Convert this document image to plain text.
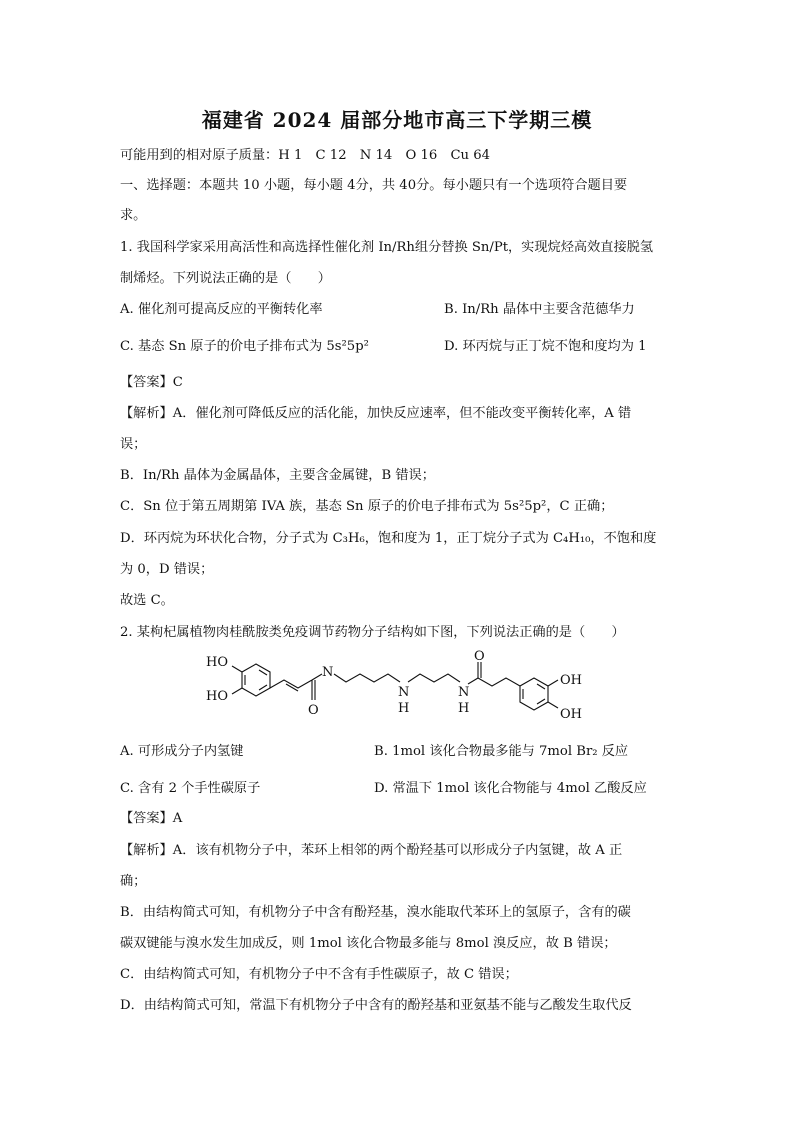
福建省 2024 届部分地市高三下学期三模
可能用到的相对原子质量：H 1　C 12　N 14　O 16　Cu 64
一、选择题：本题共 10 小题，每小题 4分，共 40分。每小题只有一个选项符合题目要
求。
1. 我国科学家采用高活性和高选择性催化剂 In/Rh组分替换 Sn/Pt，实现烷烃高效直接脱氢
制烯烃。下列说法正确的是（　　）
A. 催化剂可提高反应的平衡转化率	B. In/Rh 晶体中主要含范德华力
C. 基态 Sn 原子的价电子排布式为 5s²5p²	D. 环丙烷与正丁烷不饱和度均为 1
【答案】C
【解析】A．催化剂可降低反应的活化能，加快反应速率，但不能改变平衡转化率，A 错
误；
B．In/Rh 晶体为金属晶体，主要含金属键，B 错误；
C．Sn 位于第五周期第 IVA 族，基态 Sn 原子的价电子排布式为 5s²5p²，C 正确；
D．环丙烷为环状化合物，分子式为 C₃H₆，饱和度为 1，正丁烷分子式为 C₄H₁₀，不饱和度
为 0，D 错误；
故选 C。
2. 某枸杞属植物肉桂酰胺类免疫调节药物分子结构如下图，下列说法正确的是（　　）
HO
HO
O
N
N
H
N
H
O
OH
OH
A. 可形成分子内氢键	B. 1mol 该化合物最多能与 7mol Br₂ 反应
C. 含有 2 个手性碳原子	D. 常温下 1mol 该化合物能与 4mol 乙酸反应
【答案】A
【解析】A．该有机物分子中，苯环上相邻的两个酚羟基可以形成分子内氢键，故 A 正
确；
B．由结构简式可知，有机物分子中含有酚羟基，溴水能取代苯环上的氢原子，含有的碳
碳双键能与溴水发生加成反，则 1mol 该化合物最多能与 8mol 溴反应，故 B 错误；
C．由结构简式可知，有机物分子中不含有手性碳原子，故 C 错误；
D．由结构简式可知，常温下有机物分子中含有的酚羟基和亚氨基不能与乙酸发生取代反
